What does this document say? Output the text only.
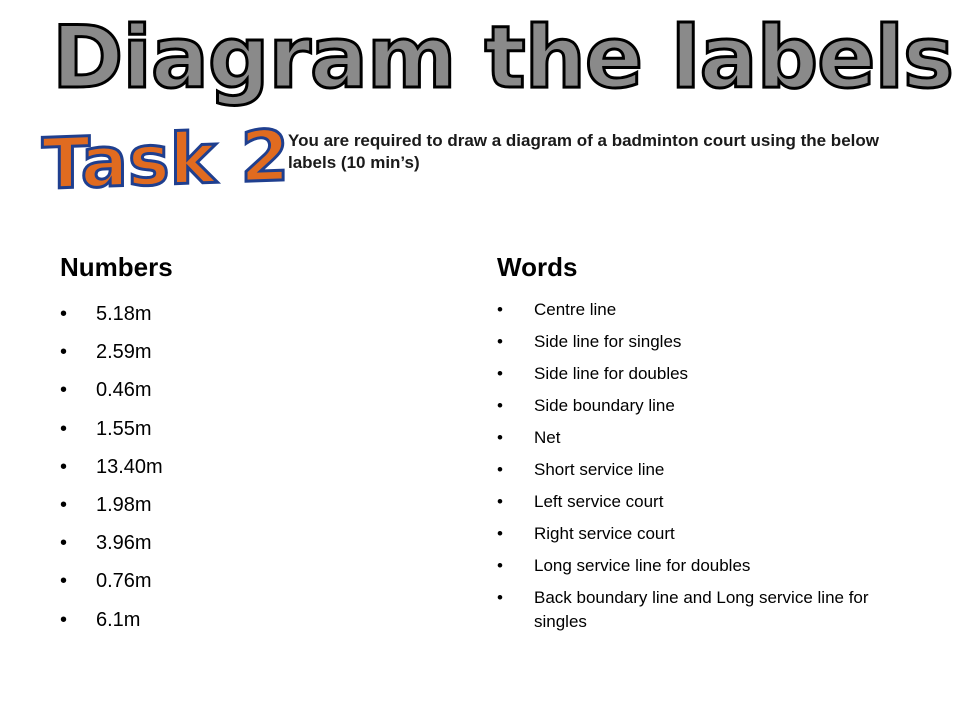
Diagram the labels
Task 2
You are required to draw a diagram of a badminton court using the below labels (10 min’s)
Numbers
• 5.18m
• 2.59m
• 0.46m
• 1.55m
• 13.40m
• 1.98m
• 3.96m
• 0.76m
• 6.1m
Words
• Centre line
• Side line for singles
• Side line for doubles
• Side boundary line
• Net
• Short service line
• Left service court
• Right service court
• Long service line for doubles
• Back boundary line and Long service line for singles
